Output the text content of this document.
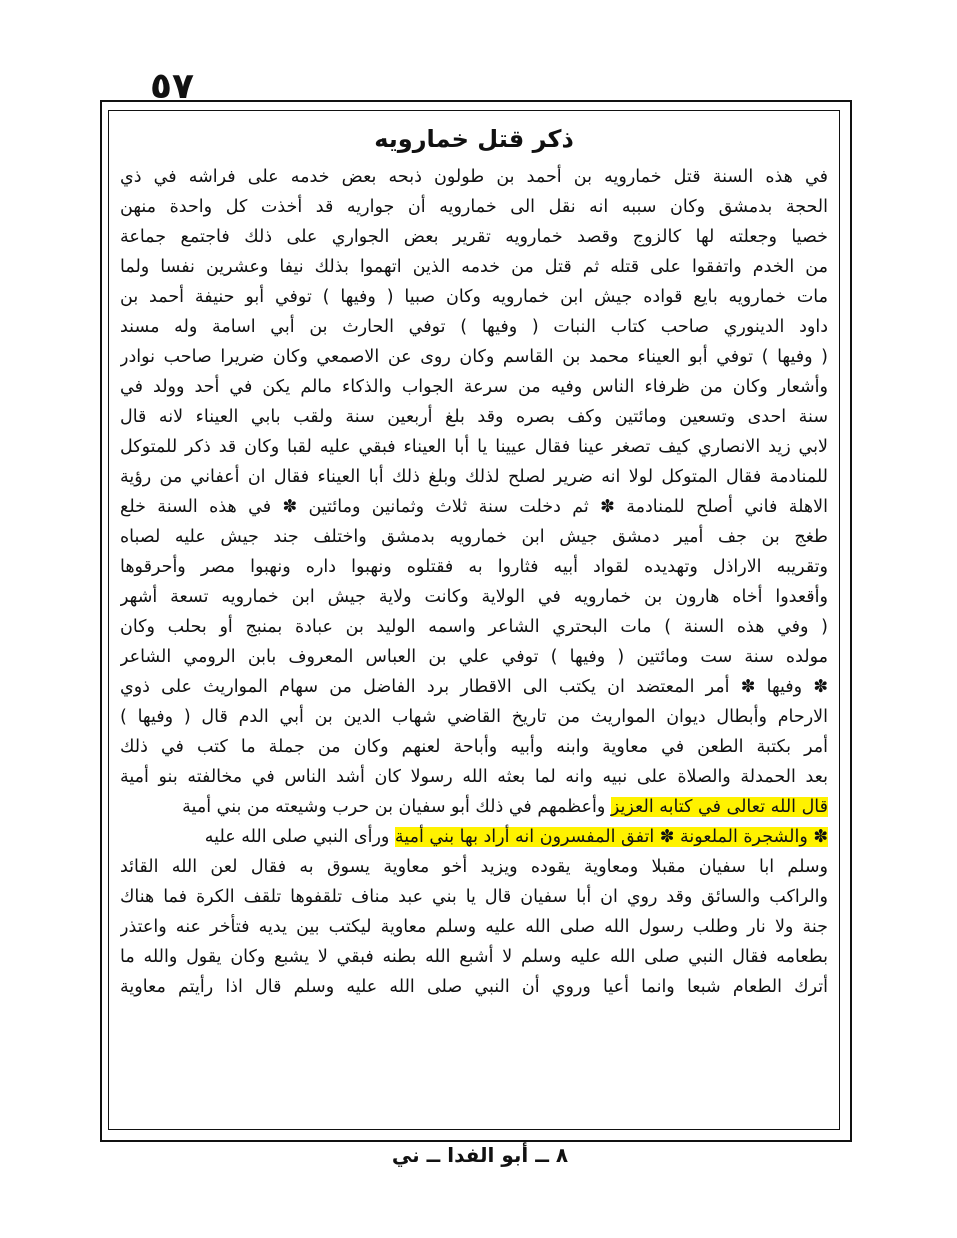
٥٧
ذكر قتل خمارويه
في هذه السنة قتل خمارويه بن أحمد بن طولون ذبحه بعض خدمه على فراشه في ذي
الحجة بدمشق وكان سببه انه نقل الى خمارويه أن جواريه قد أخذت كل واحدة منهن
خصيا وجعلته لها كالزوج وقصد خمارويه تقرير بعض الجواري على ذلك فاجتمع جماعة
من الخدم واتفقوا على قتله ثم قتل من خدمه الذين اتهموا بذلك نيفا وعشرين نفسا ولما
مات خمارويه بايع قواده جيش ابن خمارويه وكان صبيا ( وفيها ) توفي أبو حنيفة أحمد بن
داود الدينوري صاحب كتاب النبات ( وفيها ) توفي الحارث بن أبي اسامة وله مسند
( وفيها ) توفي أبو العيناء محمد بن القاسم وكان روى عن الاصمعي وكان ضريرا صاحب نوادر
وأشعار وكان من ظرفاء الناس وفيه من سرعة الجواب والذكاء مالم يكن في أحد وولد في
سنة احدى وتسعين ومائتين وكف بصره وقد بلغ أربعين سنة ولقب بابي العيناء لانه قال
لابي زيد الانصاري كيف تصغر عينا فقال عيينا يا أبا العيناء فبقي عليه لقبا وكان قد ذكر للمتوكل
للمنادمة فقال المتوكل لولا انه ضرير لصلح لذلك وبلغ ذلك أبا العيناء فقال ان أعفاني من رؤية
الاهلة فاني أصلح للمنادمة ✽ ثم دخلت سنة ثلاث وثمانين ومائتين ✽ في هذه السنة خلع
طغج بن جف أمير دمشق جيش ابن خمارويه بدمشق واختلف جند جيش عليه لصباه
وتقريبه الاراذل وتهديده لقواد أبيه فثاروا به فقتلوه ونهبوا داره ونهبوا مصر وأحرقوها
وأقعدوا أخاه هارون بن خمارويه في الولاية وكانت ولاية جيش ابن خمارويه تسعة أشهر
( وفي هذه السنة ) مات البحتري الشاعر واسمه الوليد بن عبادة بمنبج أو بحلب وكان
مولده سنة ست ومائتين ( وفيها ) توفي علي بن العباس المعروف بابن الرومي الشاعر
✽ وفيها ✽ أمر المعتضد ان يكتب الى الاقطار برد الفاضل من سهام المواريث على ذوي
الارحام وأبطال ديوان المواريث من تاريخ القاضي شهاب الدين بن أبي الدم قال ( وفيها )
أمر بكتبة الطعن في معاوية وابنه وأبيه وأباحة لعنهم وكان من جملة ما كتب في ذلك
بعد الحمدلة والصلاة على نبيه وانه لما بعثه الله رسولا كان أشد الناس في مخالفته بنو أمية
قال الله تعالى في كتابه العزيز وأعظمهم في ذلك أبو سفيان بن حرب وشيعته من بني أمية
✽ والشجرة الملعونة ✽ اتفق المفسرون انه أراد بها بني أمية ورأى النبي صلى الله عليه
وسلم ابا سفيان مقبلا ومعاوية يقوده ويزيد أخو معاوية يسوق به فقال لعن الله القائد
والراكب والسائق وقد روي ان أبا سفيان قال يا بني عبد مناف تلقفوها تلقف الكرة فما هناك
جنة ولا نار وطلب رسول الله صلى الله عليه وسلم معاوية ليكتب بين يديه فتأخر عنه واعتذر
بطعامه فقال النبي صلى الله عليه وسلم لا أشبع الله بطنه فبقي لا يشبع وكان يقول والله ما
أترك الطعام شبعا وانما أعيا وروي أن النبي صلى الله عليه وسلم قال اذا رأيتم معاوية
٨ ــ أبو الفدا ــ ني
